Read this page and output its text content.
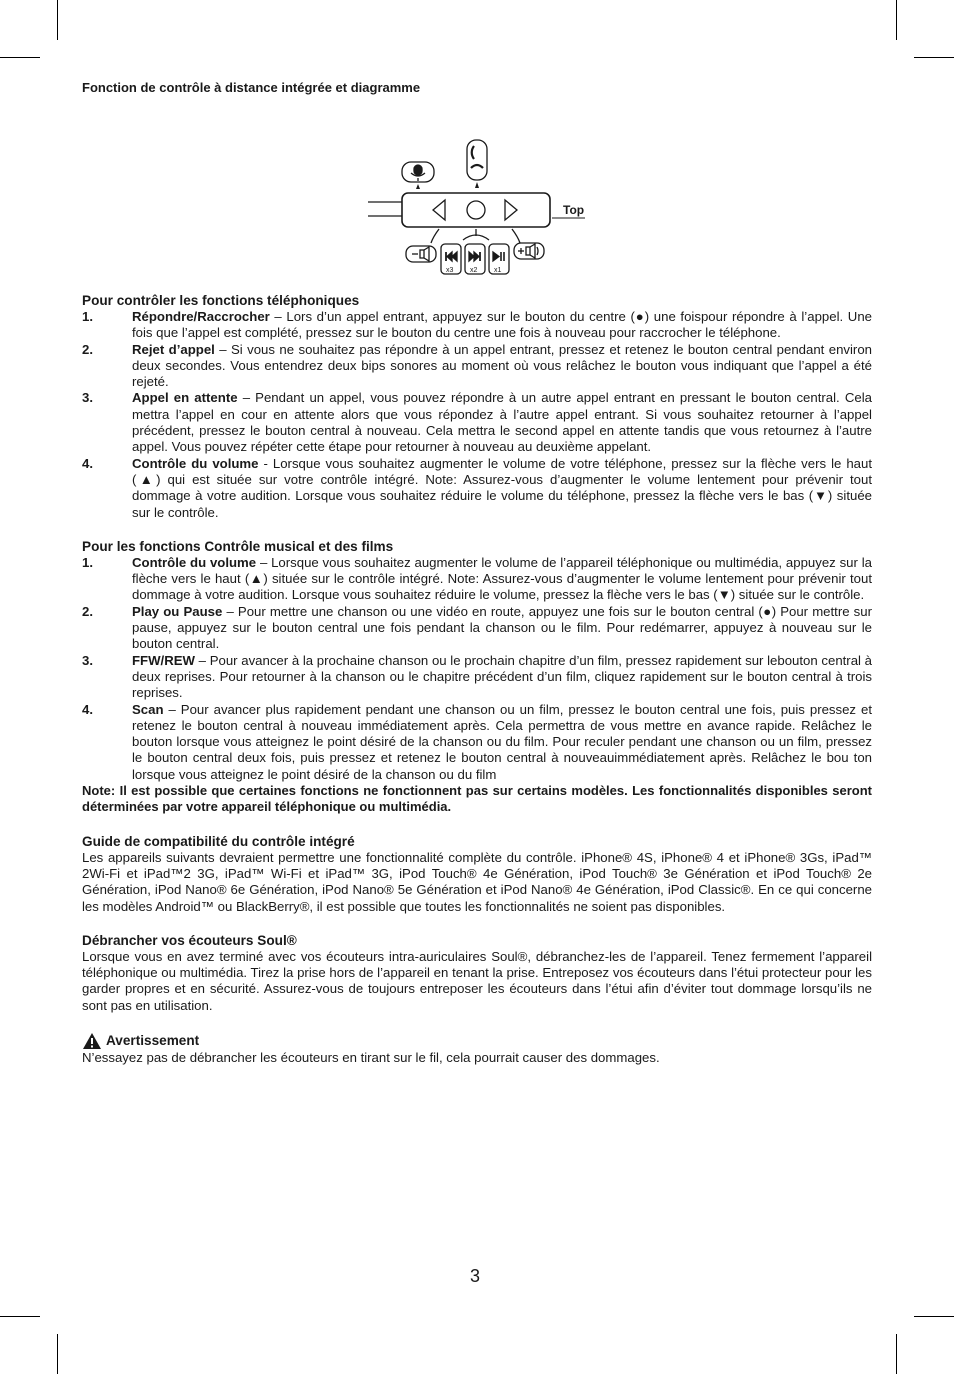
Fonction de contrôle à distance intégrée et diagramme

Top
x3 x2 x1

Pour contrôler les fonctions téléphoniques

1.	Répondre/Raccrocher – Lors d’un appel entrant, appuyez sur le bouton du centre (●) une foispour répondre à l’appel. Une fois que l’appel est complété, pressez sur le bouton du centre une fois à nouveau pour raccrocher le téléphone.
2.	Rejet d’appel – Si vous ne souhaitez pas répondre à un appel entrant, pressez et retenez le bouton central pendant environ deux secondes. Vous entendrez deux bips sonores au moment où vous relâchez le bouton vous indiquant que l’appel a été rejeté.
3.	Appel en attente – Pendant un appel, vous pouvez répondre à un autre appel entrant en pressant le bouton central. Cela mettra l’appel en cour en attente alors que vous répondez à l’autre appel entrant. Si vous souhaitez retourner à l’appel précédent, pressez le bouton central à nouveau. Cela mettra le second appel en attente tandis que vous retournez à l’autre appel. Vous pouvez répéter cette étape pour retourner à nouveau au deuxième appelant.
4.	Contrôle du volume - Lorsque vous souhaitez augmenter le volume de votre téléphone, pressez sur la flèche vers le haut (▲) qui est située sur votre contrôle intégré. Note: Assurez-vous d’augmenter le volume lentement pour prévenir tout dommage à votre audition. Lorsque vous souhaitez réduire le volume du téléphone, pressez la flèche vers le bas (▼) située sur le contrôle.

Pour les fonctions Contrôle musical et des films

1.	Contrôle du volume – Lorsque vous souhaitez augmenter le volume de l’appareil téléphonique ou multimédia, appuyez sur la flèche vers le haut (▲) située sur le contrôle intégré. Note: Assurez-vous d’augmenter le volume lentement pour prévenir tout dommage à votre audition. Lorsque vous souhaitez réduire le volume, pressez la flèche vers le bas (▼) située sur le contrôle.
2.	Play ou Pause – Pour mettre une chanson ou une vidéo en route, appuyez une fois sur le bouton central (●) Pour mettre sur pause, appuyez sur le bouton central une fois pendant la chanson ou le film. Pour redémarrer, appuyez à nouveau sur le bouton central.
3.	FFW/REW – Pour avancer à la prochaine chanson ou le prochain chapitre d’un film, pressez rapidement sur lebouton central à deux reprises. Pour retourner à la chanson ou le chapitre précédent d’un film, cliquez rapidement sur le bouton central à trois reprises.
4.	Scan – Pour avancer plus rapidement pendant une chanson ou un film, pressez le bouton central une fois, puis pressez et retenez le bouton central à nouveau immédiatement après. Cela permettra de vous mettre en avance rapide. Relâchez le bouton lorsque vous atteignez le point désiré de la chanson ou du film. Pour reculer pendant une chanson ou un film, pressez le bouton central deux fois, puis pressez et retenez le bouton central à nouveauimmédiatement après. Relâchez le bou ton lorsque vous atteignez le point désiré de la chanson ou du film

Note: Il est possible que certaines fonctions ne fonctionnent pas sur certains modèles. Les fonctionnalités disponibles seront déterminées par votre appareil téléphonique ou multimédia.

Guide de compatibilité du contrôle intégré

Les appareils suivants devraient permettre une fonctionnalité complète du contrôle. iPhone® 4S, iPhone® 4 et iPhone® 3Gs, iPad™ 2Wi-Fi et iPad™2 3G, iPad™ Wi-Fi et iPad™ 3G, iPod Touch® 4e Génération, iPod Touch® 3e Génération et iPod Touch® 2e Génération, iPod Nano® 6e Génération, iPod Nano® 5e Génération et iPod Nano® 4e Génération, iPod Classic®. En ce qui concerne les modèles Android™ ou BlackBerry®, il est possible que toutes les fonctionnalités ne soient pas disponibles.

Débrancher vos écouteurs Soul®

Lorsque vous en avez terminé avec vos écouteurs intra-auriculaires Soul®, débranchez-les de l’appareil. Tenez fermement l’appareil téléphonique ou multimédia. Tirez la prise hors de l’appareil en tenant la prise. Entreposez vos écouteurs dans l’étui protecteur pour les garder propres et en sécurité. Assurez-vous de toujours entreposer les écouteurs dans l’étui afin d’éviter tout dommage lorsqu’ils ne sont pas en utilisation.

Avertissement

N’essayez pas de débrancher les écouteurs en tirant sur le fil, cela pourrait causer des dommages.

3
